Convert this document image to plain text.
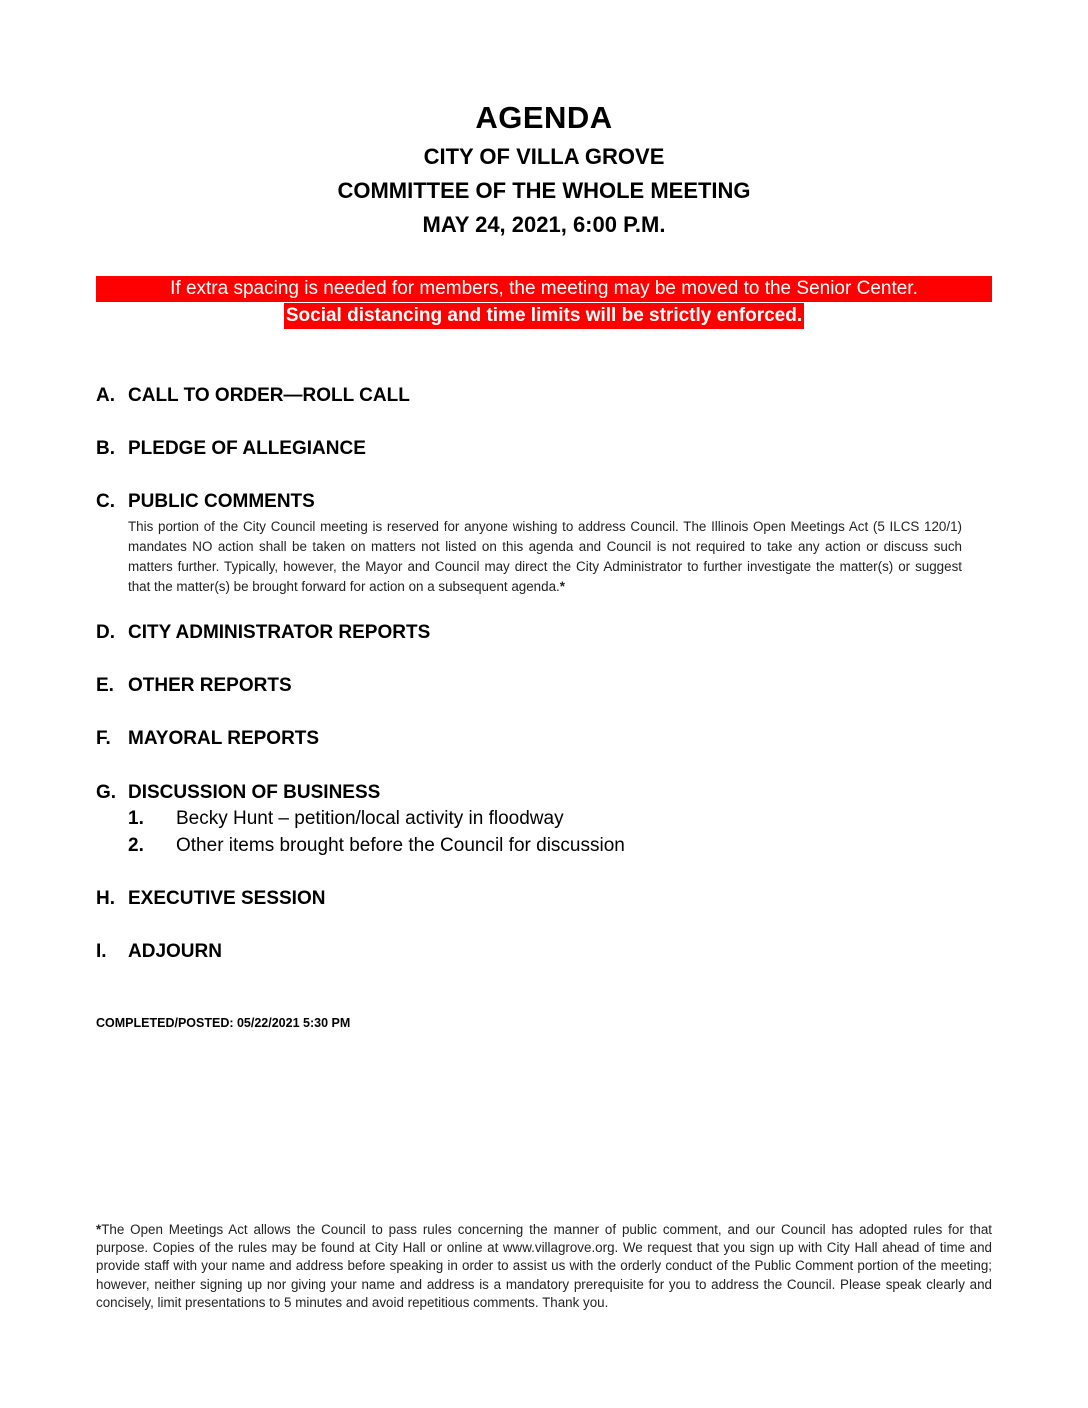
AGENDA
CITY OF VILLA GROVE
COMMITTEE OF THE WHOLE MEETING
MAY 24, 2021, 6:00 P.M.
If extra spacing is needed for members, the meeting may be moved to the Senior Center.
Social distancing and time limits will be strictly enforced.
A. CALL TO ORDER—ROLL CALL
B. PLEDGE OF ALLEGIANCE
C. PUBLIC COMMENTS
This portion of the City Council meeting is reserved for anyone wishing to address Council. The Illinois Open Meetings Act (5 ILCS 120/1) mandates NO action shall be taken on matters not listed on this agenda and Council is not required to take any action or discuss such matters further. Typically, however, the Mayor and Council may direct the City Administrator to further investigate the matter(s) or suggest that the matter(s) be brought forward for action on a subsequent agenda.*
D. CITY ADMINISTRATOR REPORTS
E. OTHER REPORTS
F. MAYORAL REPORTS
G. DISCUSSION OF BUSINESS
1. Becky Hunt – petition/local activity in floodway
2. Other items brought before the Council for discussion
H. EXECUTIVE SESSION
I. ADJOURN
COMPLETED/POSTED: 05/22/2021 5:30 PM
*The Open Meetings Act allows the Council to pass rules concerning the manner of public comment, and our Council has adopted rules for that purpose. Copies of the rules may be found at City Hall or online at www.villagrove.org. We request that you sign up with City Hall ahead of time and provide staff with your name and address before speaking in order to assist us with the orderly conduct of the Public Comment portion of the meeting; however, neither signing up nor giving your name and address is a mandatory prerequisite for you to address the Council. Please speak clearly and concisely, limit presentations to 5 minutes and avoid repetitious comments. Thank you.
